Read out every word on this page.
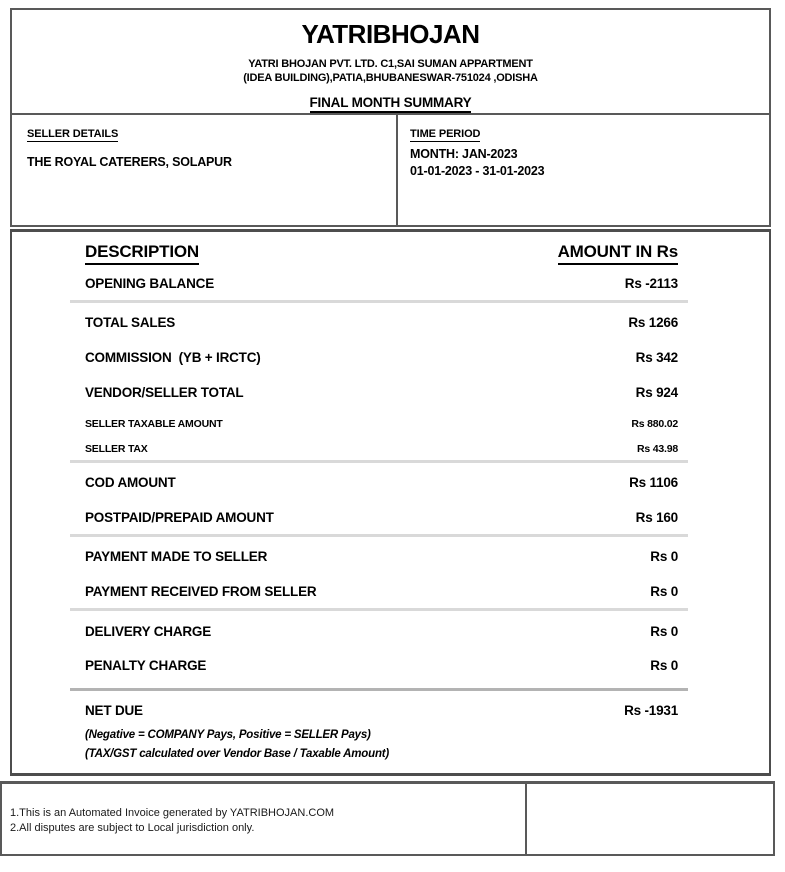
YATRIBHOJAN
YATRI BHOJAN PVT. LTD. C1,SAI SUMAN APPARTMENT
(IDEA BUILDING),PATIA,BHUBANESWAR-751024 ,ODISHA
FINAL MONTH SUMMARY
SELLER DETAILS
THE ROYAL CATERERS, SOLAPUR
TIME PERIOD
MONTH: JAN-2023
01-01-2023 - 31-01-2023
DESCRIPTION	AMOUNT IN Rs
OPENING BALANCE	Rs -2113
TOTAL SALES	Rs 1266
COMMISSION  (YB + IRCTC)	Rs 342
VENDOR/SELLER TOTAL	Rs 924
SELLER TAXABLE AMOUNT	Rs 880.02
SELLER TAX	Rs 43.98
COD AMOUNT	Rs 1106
POSTPAID/PREPAID AMOUNT	Rs 160
PAYMENT MADE TO SELLER	Rs 0
PAYMENT RECEIVED FROM SELLER	Rs 0
DELIVERY CHARGE	Rs 0
PENALTY CHARGE	Rs 0
NET DUE	Rs -1931
(Negative = COMPANY Pays, Positive = SELLER Pays)
(TAX/GST calculated over Vendor Base / Taxable Amount)
1.This is an Automated Invoice generated by YATRIBHOJAN.COM
2.All disputes are subject to Local jurisdiction only.
